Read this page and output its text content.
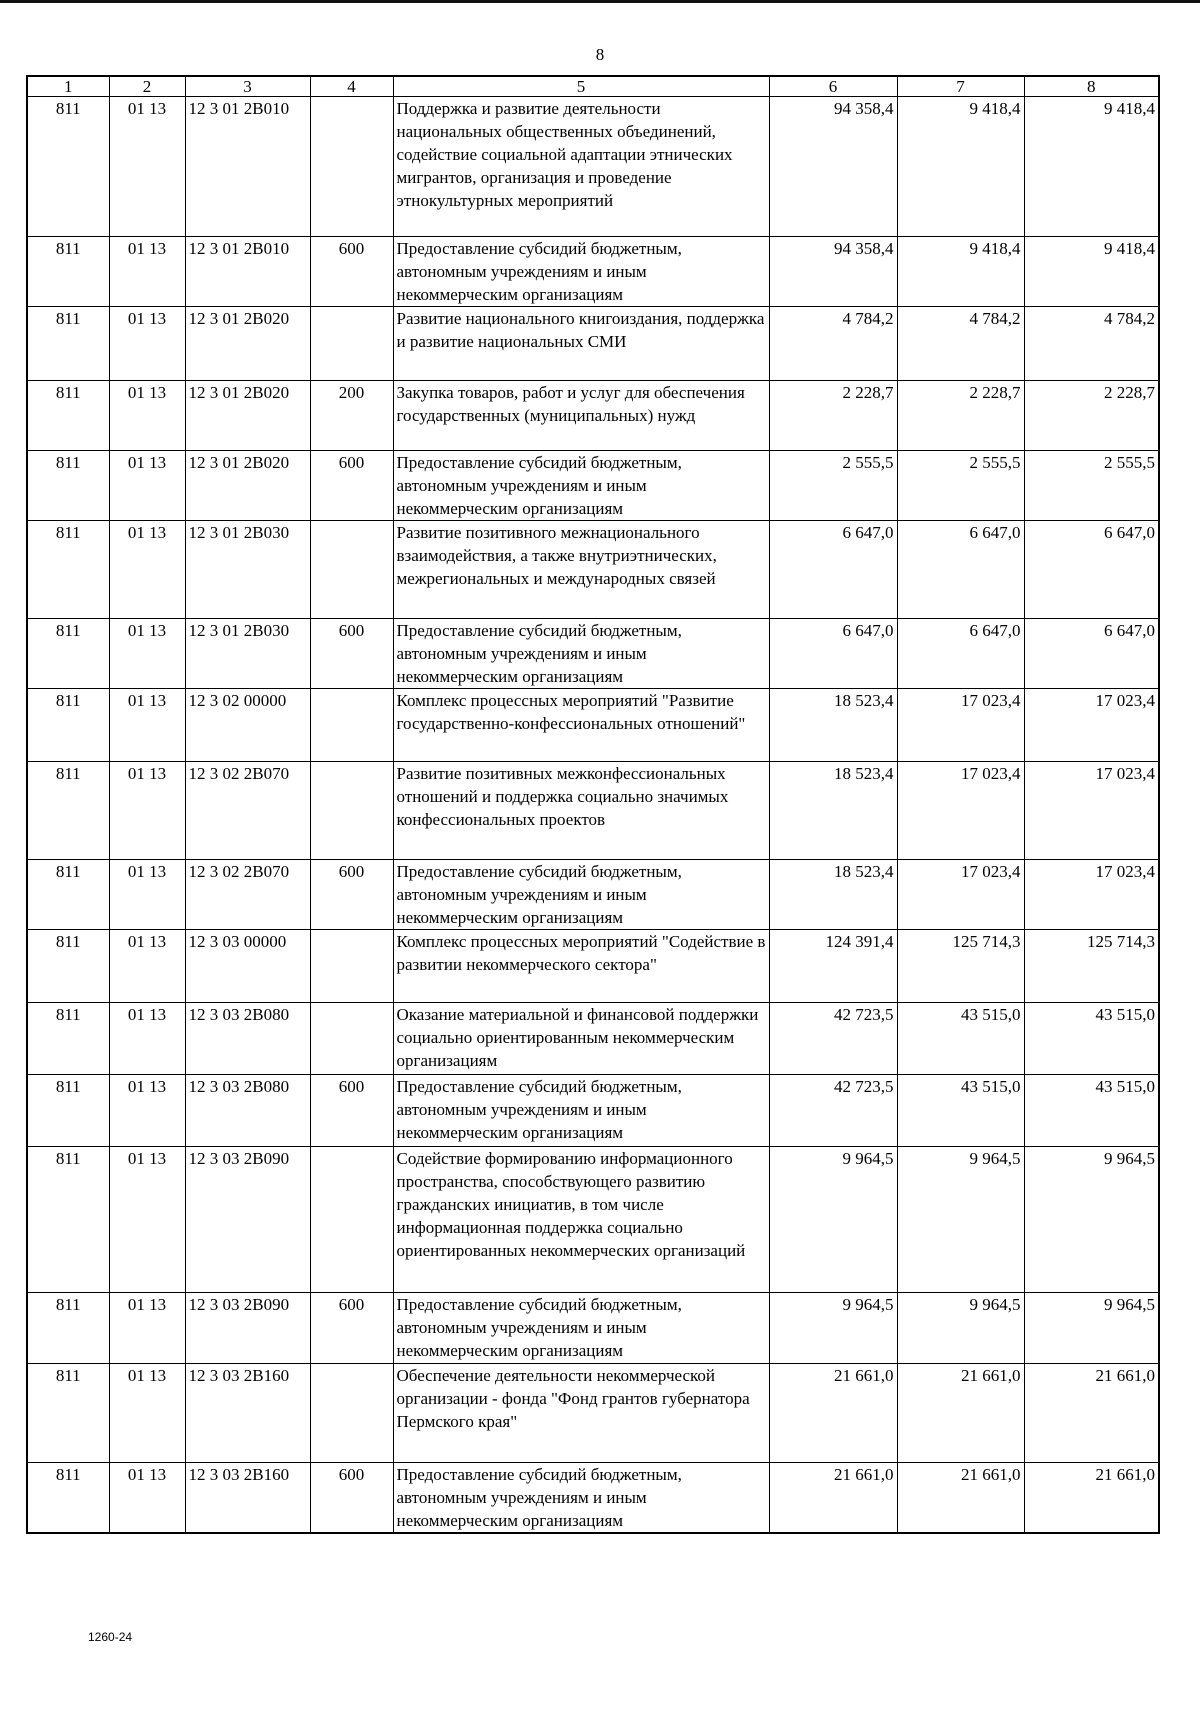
8
1	2	3	4	5	6	7	8
811	01 13	12 3 01 2В010		Поддержка и развитие деятельности национальных общественных объединений, содействие социальной адаптации этнических мигрантов, организация и проведение этнокультурных мероприятий	94 358,4	9 418,4	9 418,4
811	01 13	12 3 01 2В010	600	Предоставление субсидий бюджетным, автономным учреждениям и иным некоммерческим организациям	94 358,4	9 418,4	9 418,4
811	01 13	12 3 01 2В020		Развитие национального книгоиздания, поддержка и развитие национальных СМИ	4 784,2	4 784,2	4 784,2
811	01 13	12 3 01 2В020	200	Закупка товаров, работ и услуг для обеспечения государственных (муниципальных) нужд	2 228,7	2 228,7	2 228,7
811	01 13	12 3 01 2В020	600	Предоставление субсидий бюджетным, автономным учреждениям и иным некоммерческим организациям	2 555,5	2 555,5	2 555,5
811	01 13	12 3 01 2В030		Развитие позитивного межнационального взаимодействия, а также внутриэтнических, межрегиональных и международных связей	6 647,0	6 647,0	6 647,0
811	01 13	12 3 01 2В030	600	Предоставление субсидий бюджетным, автономным учреждениям и иным некоммерческим организациям	6 647,0	6 647,0	6 647,0
811	01 13	12 3 02 00000		Комплекс процессных мероприятий "Развитие государственно-конфессиональных отношений"	18 523,4	17 023,4	17 023,4
811	01 13	12 3 02 2В070		Развитие позитивных межконфессиональных отношений и поддержка социально значимых конфессиональных проектов	18 523,4	17 023,4	17 023,4
811	01 13	12 3 02 2В070	600	Предоставление субсидий бюджетным, автономным учреждениям и иным некоммерческим организациям	18 523,4	17 023,4	17 023,4
811	01 13	12 3 03 00000		Комплекс процессных мероприятий "Содействие в развитии некоммерческого сектора"	124 391,4	125 714,3	125 714,3
811	01 13	12 3 03 2В080		Оказание материальной и финансовой поддержки социально ориентированным некоммерческим организациям	42 723,5	43 515,0	43 515,0
811	01 13	12 3 03 2В080	600	Предоставление субсидий бюджетным, автономным учреждениям и иным некоммерческим организациям	42 723,5	43 515,0	43 515,0
811	01 13	12 3 03 2В090		Содействие формированию информационного пространства, способствующего развитию гражданских инициатив, в том числе информационная поддержка социально ориентированных некоммерческих организаций	9 964,5	9 964,5	9 964,5
811	01 13	12 3 03 2В090	600	Предоставление субсидий бюджетным, автономным учреждениям и иным некоммерческим организациям	9 964,5	9 964,5	9 964,5
811	01 13	12 3 03 2В160		Обеспечение деятельности некоммерческой организации - фонда "Фонд грантов губернатора Пермского края"	21 661,0	21 661,0	21 661,0
811	01 13	12 3 03 2В160	600	Предоставление субсидий бюджетным, автономным учреждениям и иным некоммерческим организациям	21 661,0	21 661,0	21 661,0
1260-24
